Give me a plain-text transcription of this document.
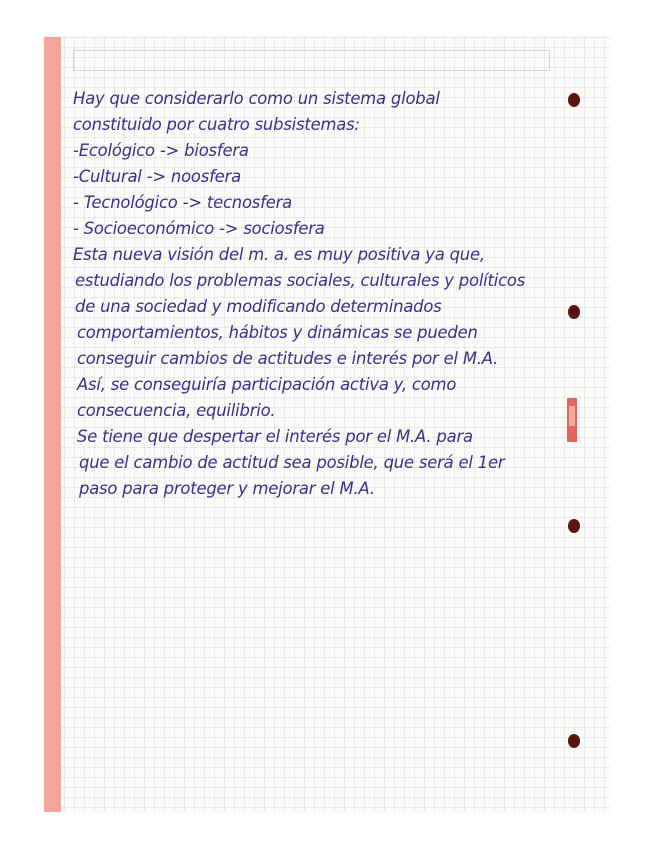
Hay que considerarlo como un sistema global
constituido por cuatro subsistemas:
-Ecológico -> biosfera
-Cultural -> noosfera
- Tecnológico -> tecnosfera
- Socioeconómico -> sociosfera
Esta nueva visión del m. a. es muy positiva ya que,
estudiando los problemas sociales, culturales y políticos
de una sociedad y modificando determinados
comportamientos, hábitos y dinámicas se pueden
conseguir cambios de actitudes e interés por el M.A.
Así, se conseguiría participación activa y, como
consecuencia, equilibrio.
Se tiene que despertar el interés por el M.A. para
que el cambio de actitud sea posible, que será el 1er
paso para proteger y mejorar el M.A.
